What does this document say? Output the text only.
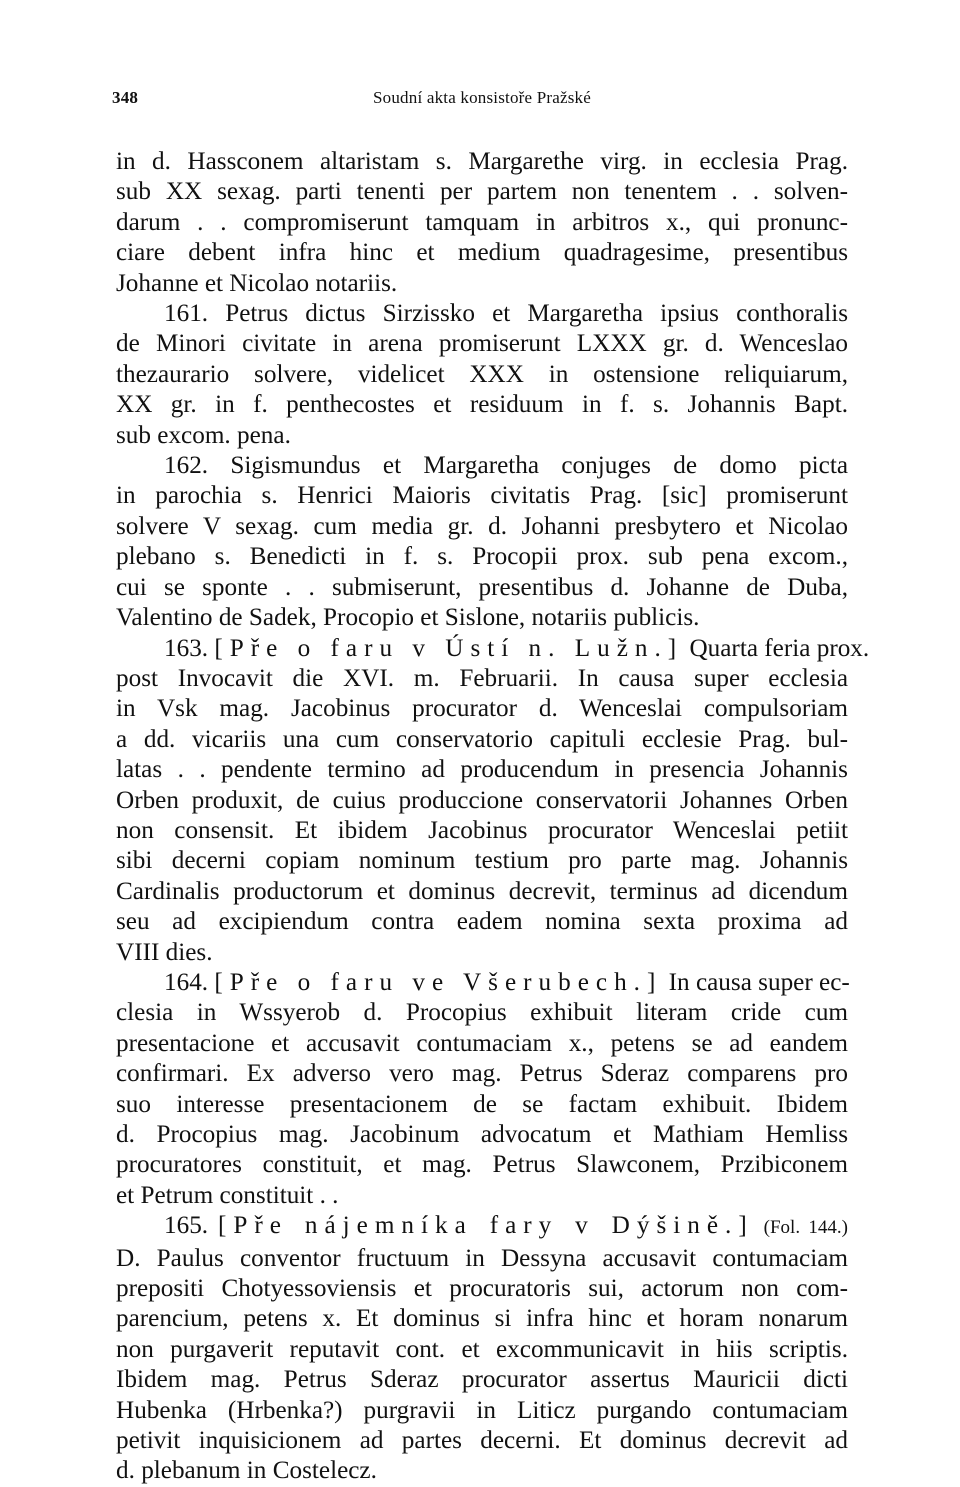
348	Soudní akta konsistoře Pražské
in d. Hassconem altaristam s. Margarethe virg. in ecclesia Prag.
sub XX sexag. parti tenenti per partem non tenentem . . solven-
darum . . compromiserunt tamquam in arbitros x., qui pronunc-
ciare debent infra hinc et medium quadragesime, presentibus
Johanne et Nicolao notariis.
161. Petrus dictus Sirzissko et Margaretha ipsius conthoralis
de Minori civitate in arena promiserunt LXXX gr. d. Wenceslao
thezaurario solvere, videlicet XXX in ostensione reliquiarum,
XX gr. in f. penthecostes et residuum in f. s. Johannis Bapt.
sub excom. pena.
162. Sigismundus et Margaretha conjuges de domo picta
in parochia s. Henrici Maioris civitatis Prag. [sic] promiserunt
solvere V sexag. cum media gr. d. Johanni presbytero et Nicolao
plebano s. Benedicti in f. s. Procopii prox. sub pena excom.,
cui se sponte . . submiserunt, presentibus d. Johanne de Duba,
Valentino de Sadek, Procopio et Sislone, notariis publicis.
163. [Pře o faru v Ústí n. Lužn.] Quarta feria prox.
post Invocavit die XVI. m. Februarii. In causa super ecclesia
in Vsk mag. Jacobinus procurator d. Wenceslai compulsoriam
a dd. vicariis una cum conservatorio capituli ecclesie Prag. bul-
latas . . pendente termino ad producendum in presencia Johannis
Orben produxit, de cuius produccione conservatorii Johannes Orben
non consensit. Et ibidem Jacobinus procurator Wenceslai petiit
sibi decerni copiam nominum testium pro parte mag. Johannis
Cardinalis productorum et dominus decrevit, terminus ad dicendum
seu ad excipiendum contra eadem nomina sexta proxima ad
VIII dies.
164. [Pře o faru ve Všerubech.] In causa super ec-
clesia in Wssyerob d. Procopius exhibuit literam cride cum
presentacione et accusavit contumaciam x., petens se ad eandem
confirmari. Ex adverso vero mag. Petrus Sderaz comparens pro
suo interesse presentacionem de se factam exhibuit. Ibidem
d. Procopius mag. Jacobinum advocatum et Mathiam Hemliss
procuratores constituit, et mag. Petrus Slawconem, Przibiconem
et Petrum constituit . .
165. [Pře nájemníka fary v Dýšině.] (Fol. 144.)
D. Paulus conventor fructuum in Dessyna accusavit contumaciam
prepositi Chotyessoviensis et procuratoris sui, actorum non com-
parencium, petens x. Et dominus si infra hinc et horam nonarum
non purgaverit reputavit cont. et excommunicavit in hiis scriptis.
Ibidem mag. Petrus Sderaz procurator assertus Mauricii dicti
Hubenka (Hrbenka?) purgravii in Liticz purgando contumaciam
petivit inquisicionem ad partes decerni. Et dominus decrevit ad
d. plebanum in Costelecz.
